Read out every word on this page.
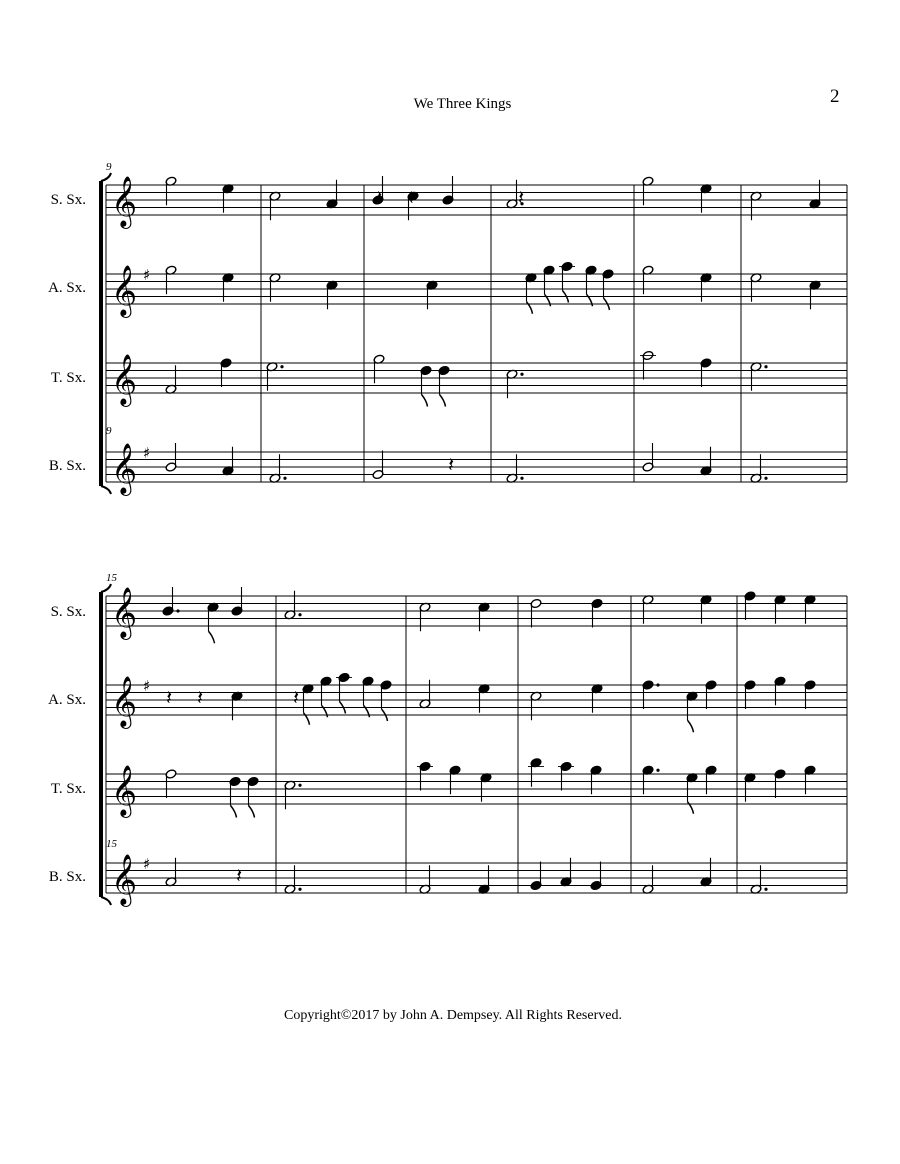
2
We Three Kings
9
9
S. Sx.
A. Sx.
T. Sx.
B. Sx.
15
15
S. Sx.
A. Sx.
T. Sx.
B. Sx.
𝄞	𝄽 𝄽	𝄽
𝄞 ♯
𝄞
𝄞 ♯	𝄽
𝄞
𝄞 ♯ 𝄽 𝄽	𝄽
𝄞
𝄞 ♯	𝄽
Copyright©2017 by John A. Dempsey. All Rights Reserved.
